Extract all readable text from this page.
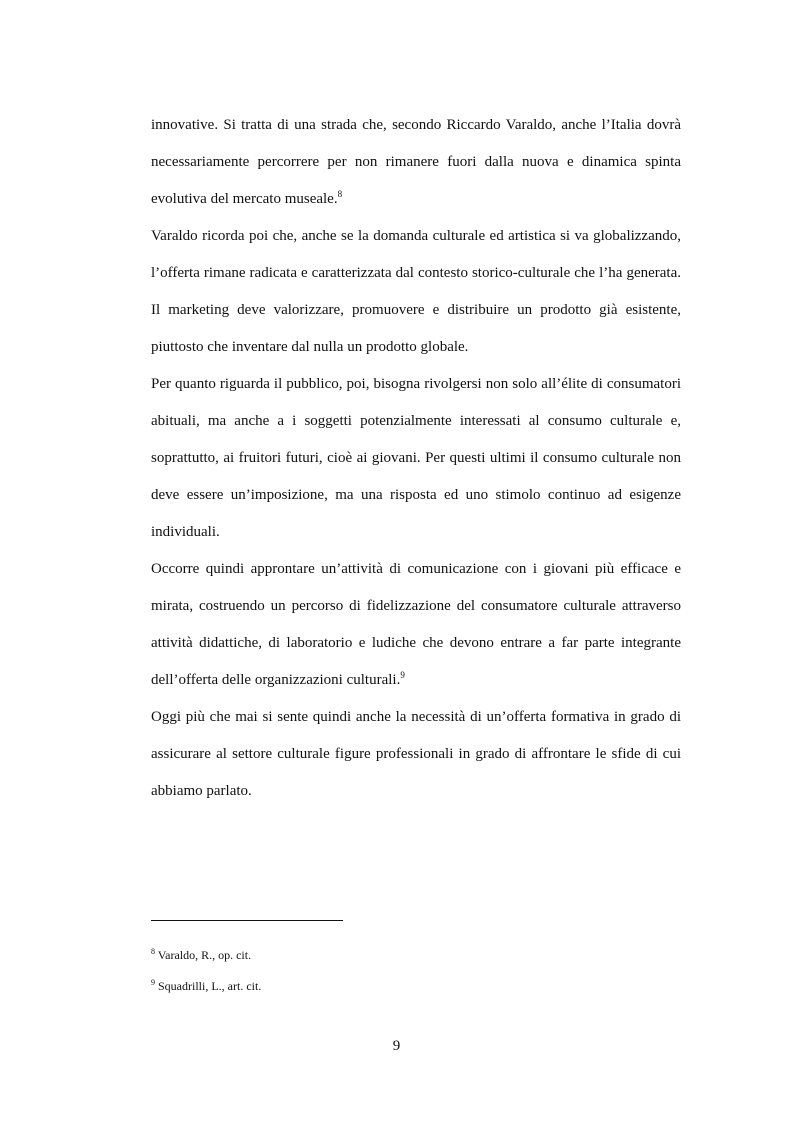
innovative. Si tratta di una strada che, secondo Riccardo Varaldo, anche l’Italia dovrà necessariamente percorrere per non rimanere fuori dalla nuova e dinamica spinta evolutiva del mercato museale.$^8$

Varaldo ricorda poi che, anche se la domanda culturale ed artistica si va globalizzando, l’offerta rimane radicata e caratterizzata dal contesto storico-culturale che l’ha generata. Il marketing deve valorizzare, promuovere e distribuire un prodotto già esistente, piuttosto che inventare dal nulla un prodotto globale.

Per quanto riguarda il pubblico, poi, bisogna rivolgersi non solo all’élite di consumatori abituali, ma anche a i soggetti potenzialmente interessati al consumo culturale e, soprattutto, ai fruitori futuri, cioè ai giovani. Per questi ultimi il consumo culturale non deve essere un’imposizione, ma una risposta ed uno stimolo continuo ad esigenze individuali.

Occorre quindi approntare un’attività di comunicazione con i giovani più efficace e mirata, costruendo un percorso di fidelizzazione del consumatore culturale attraverso attività didattiche, di laboratorio e ludiche che devono entrare a far parte integrante dell’offerta delle organizzazioni culturali.$^9$

Oggi più che mai si sente quindi anche la necessità di un’offerta formativa in grado di assicurare al settore culturale figure professionali in grado di affrontare le sfide di cui abbiamo parlato.

$^8$ Varaldo, R., op. cit.

$^9$ Squadrilli, L., art. cit.

9
